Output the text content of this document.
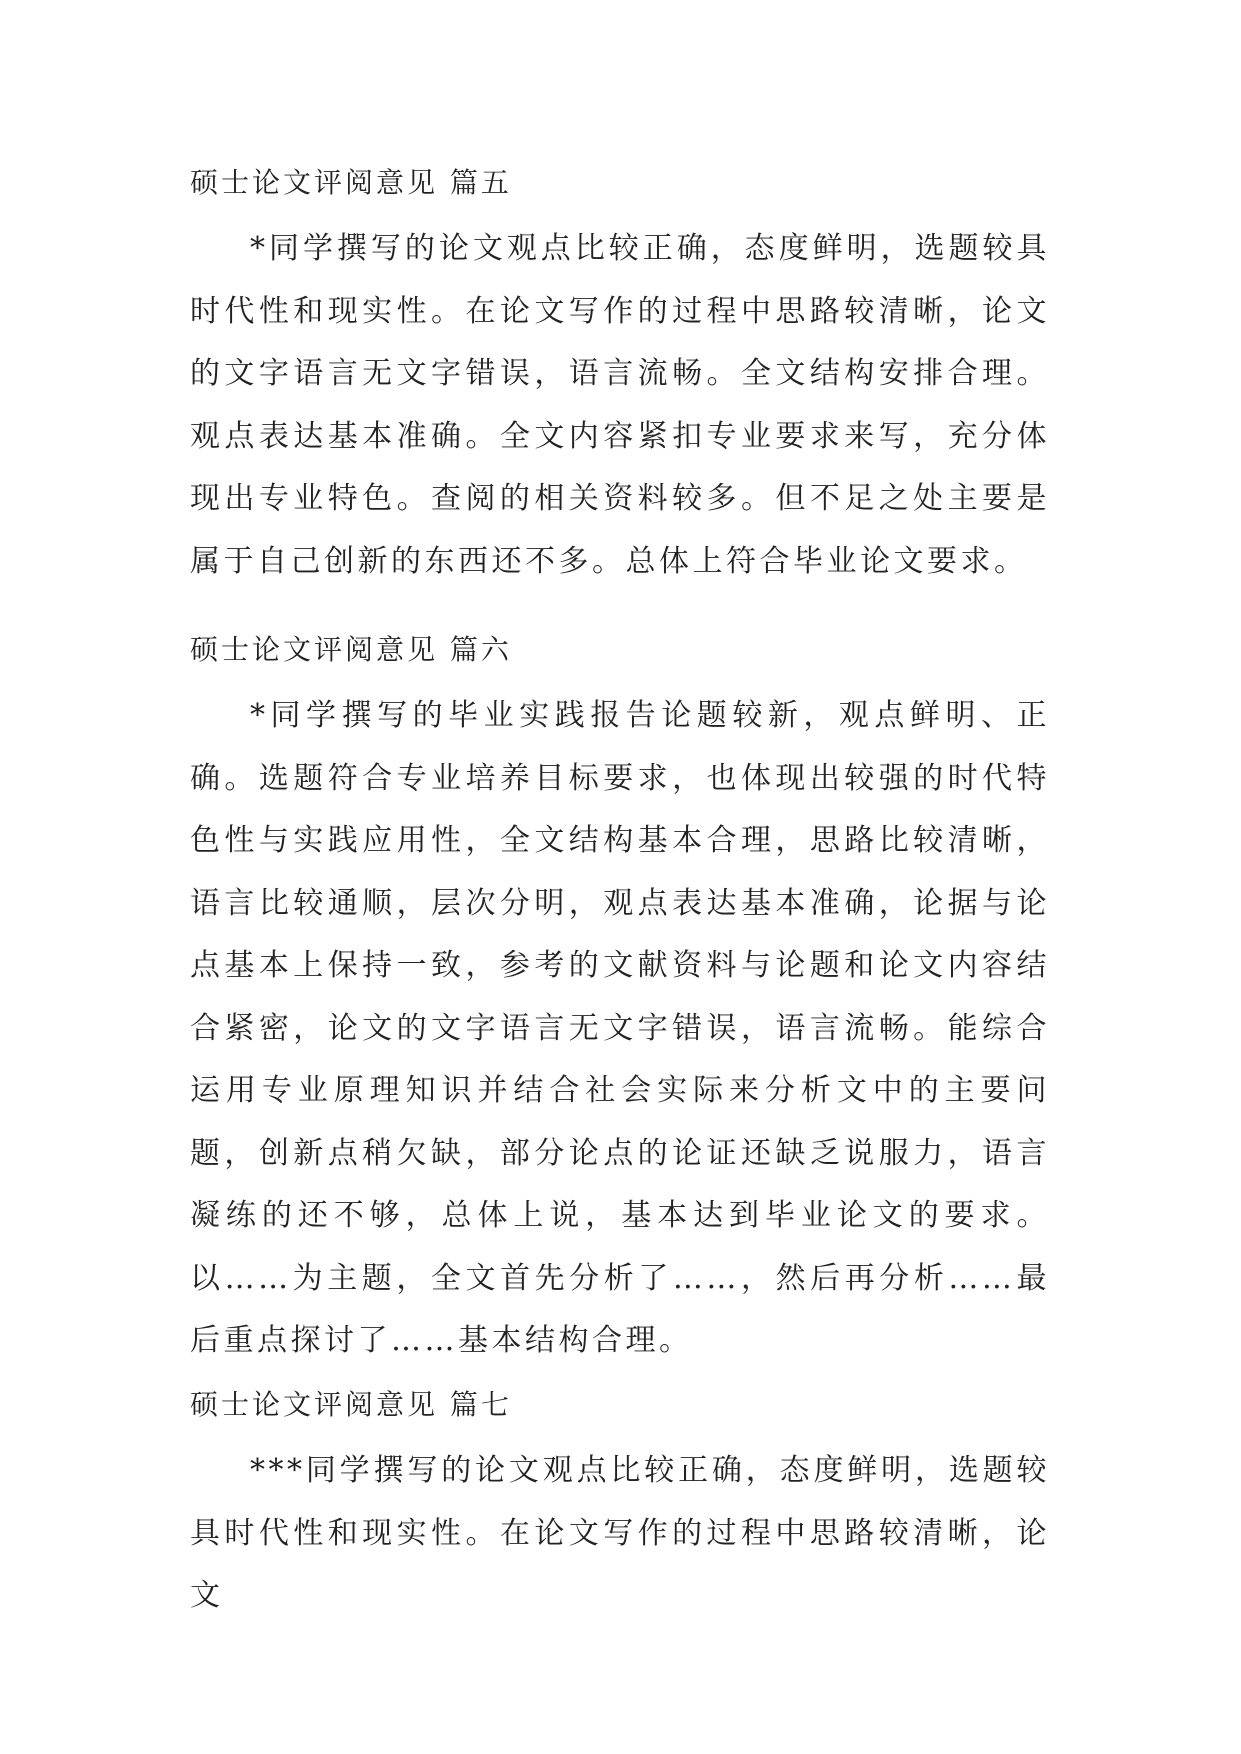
硕士论文评阅意见 篇五

*同学撰写的论文观点比较正确，态度鲜明，选题较具时代性和现实性。在论文写作的过程中思路较清晰，论文的文字语言无文字错误，语言流畅。全文结构安排合理。观点表达基本准确。全文内容紧扣专业要求来写，充分体现出专业特色。查阅的相关资料较多。但不足之处主要是属于自己创新的东西还不多。总体上符合毕业论文要求。

硕士论文评阅意见 篇六

*同学撰写的毕业实践报告论题较新，观点鲜明、正确。选题符合专业培养目标要求，也体现出较强的时代特色性与实践应用性，全文结构基本合理，思路比较清晰，语言比较通顺，层次分明，观点表达基本准确，论据与论点基本上保持一致，参考的文献资料与论题和论文内容结合紧密，论文的文字语言无文字错误，语言流畅。能综合运用专业原理知识并结合社会实际来分析文中的主要问题，创新点稍欠缺，部分论点的论证还缺乏说服力，语言凝练的还不够，总体上说，基本达到毕业论文的要求。以……为主题，全文首先分析了……，然后再分析……最后重点探讨了……基本结构合理。

硕士论文评阅意见 篇七

***同学撰写的论文观点比较正确，态度鲜明，选题较具时代性和现实性。在论文写作的过程中思路较清晰，论文
